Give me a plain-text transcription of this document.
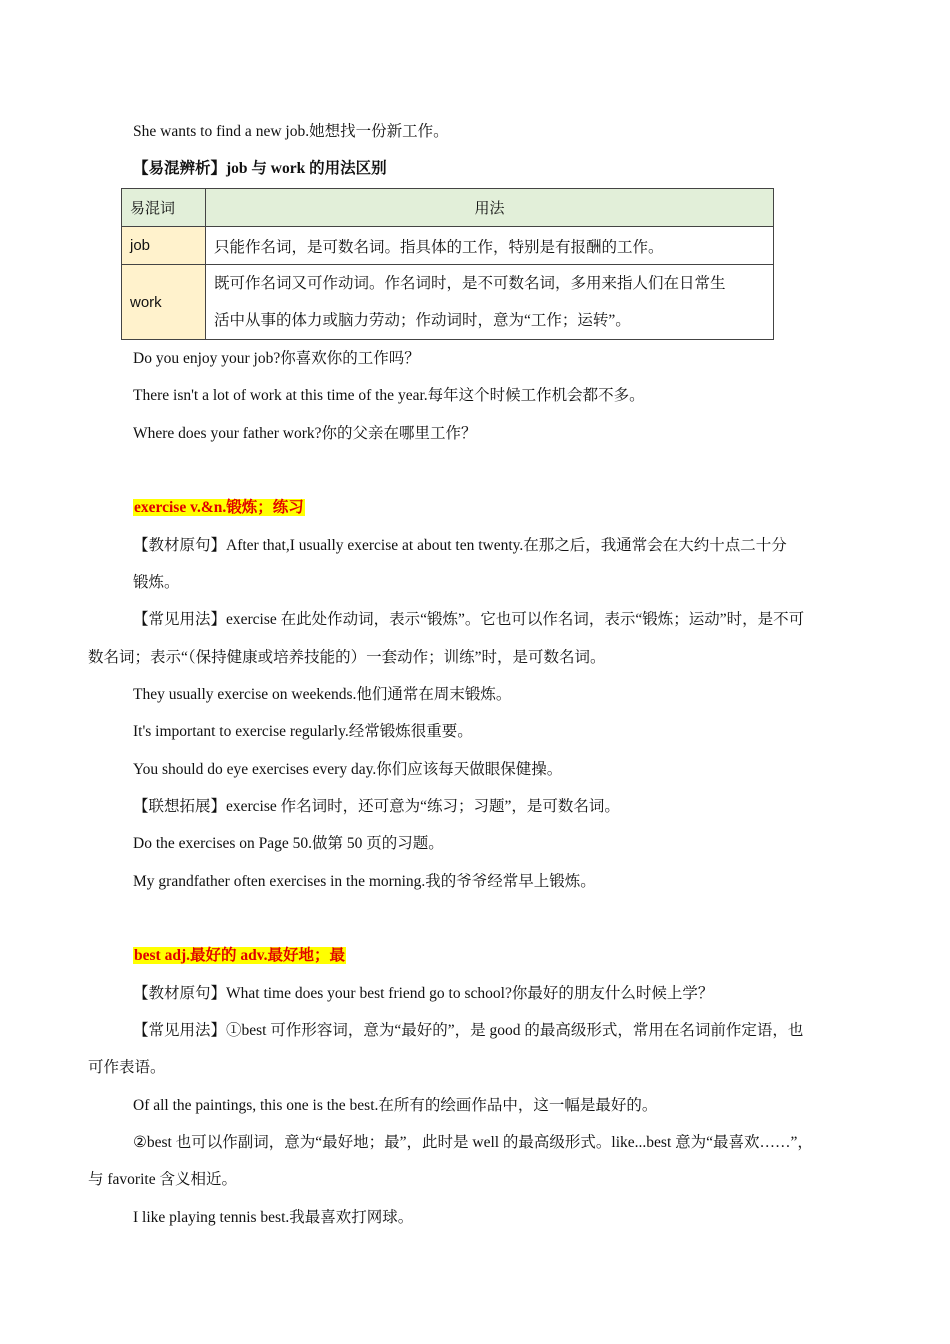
She wants to find a new job.她想找一份新工作。
【易混辨析】job 与 work 的用法区别
易混词	用法
job	只能作名词，是可数名词。指具体的工作，特别是有报酬的工作。
work	既可作名词又可作动词。作名词时，是不可数名词，多用来指人们在日常生
活中从事的体力或脑力劳动；作动词时，意为“工作；运转”。
Do you enjoy your job?你喜欢你的工作吗？
There isn't a lot of work at this time of the year.每年这个时候工作机会都不多。
Where does your father work?你的父亲在哪里工作？
exercise v.&n.锻炼；练习
【教材原句】After that,I usually exercise at about ten twenty.在那之后，我通常会在大约十点二十分
锻炼。
【常见用法】exercise 在此处作动词，表示“锻炼”。它也可以作名词，表示“锻炼；运动”时，是不可
数名词；表示“（保持健康或培养技能的）一套动作；训练”时，是可数名词。
They usually exercise on weekends.他们通常在周末锻炼。
It's important to exercise regularly.经常锻炼很重要。
You should do eye exercises every day.你们应该每天做眼保健操。
【联想拓展】exercise 作名词时，还可意为“练习；习题”，是可数名词。
Do the exercises on Page 50.做第 50 页的习题。
My grandfather often exercises in the morning.我的爷爷经常早上锻炼。
best adj.最好的 adv.最好地；最
【教材原句】What time does your best friend go to school?你最好的朋友什么时候上学？
【常见用法】①best 可作形容词，意为“最好的”，是 good 的最高级形式，常用在名词前作定语，也
可作表语。
Of all the paintings, this one is the best.在所有的绘画作品中，这一幅是最好的。
②best 也可以作副词，意为“最好地；最”，此时是 well 的最高级形式。like...best 意为“最喜欢……”，
与 favorite 含义相近。
I like playing tennis best.我最喜欢打网球。
